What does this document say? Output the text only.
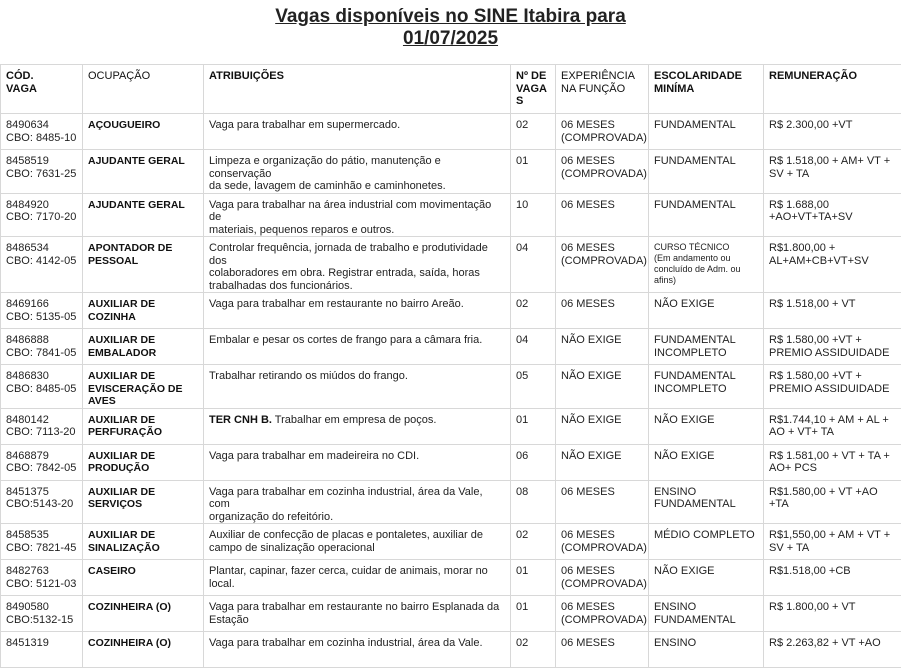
Vagas disponíveis no SINE Itabira para
01/07/2025
CÓD.
VAGA	OCUPAÇÃO	ATRIBUIÇÕES	Nº DE
VAGA
S	EXPERIÊNCIA
NA FUNÇÃO	ESCOLARIDADE
MINÍMA	REMUNERAÇÃO
8490634
CBO: 8485-10	AÇOUGUEIRO	Vaga para trabalhar em supermercado.	02	06 MESES
(COMPROVADA)	FUNDAMENTAL	R$ 2.300,00 +VT
8458519
CBO: 7631-25	AJUDANTE GERAL	Limpeza e organização do pátio, manutenção e conservação
da sede, lavagem de caminhão e caminhonetes.	01	06 MESES
(COMPROVADA)	FUNDAMENTAL	R$ 1.518,00 + AM+ VT +
SV + TA
8484920
CBO: 7170-20	AJUDANTE GERAL	Vaga para trabalhar na área industrial com movimentação de
materiais, pequenos reparos e outros.	10	06 MESES	FUNDAMENTAL	R$ 1.688,00
+AO+VT+TA+SV
8486534
CBO: 4142-05	APONTADOR DE
PESSOAL	Controlar frequência, jornada de trabalho e produtividade dos
colaboradores em obra. Registrar entrada, saída, horas
trabalhadas dos funcionários.	04	06 MESES
(COMPROVADA)	CURSO TÉCNICO
(Em andamento ou
concluído de Adm. ou afins)	R$1.800,00 +
AL+AM+CB+VT+SV
8469166
CBO: 5135-05	AUXILIAR DE COZINHA	Vaga para trabalhar em restaurante no bairro Areão.	02	06 MESES	NÃO EXIGE	R$ 1.518,00 + VT
8486888
CBO: 7841-05	AUXILIAR DE
EMBALADOR	Embalar e pesar os cortes de frango para a câmara fria.	04	NÃO EXIGE	FUNDAMENTAL
INCOMPLETO	R$ 1.580,00 +VT +
PREMIO ASSIDUIDADE
8486830
CBO: 8485-05	AUXILIAR DE
EVISCERAÇÃO DE AVES	Trabalhar retirando os miúdos do frango.	05	NÃO EXIGE	FUNDAMENTAL
INCOMPLETO	R$ 1.580,00 +VT +
PREMIO ASSIDUIDADE
8480142
CBO: 7113-20	AUXILIAR DE
PERFURAÇÃO	TER CNH B. Trabalhar em empresa de poços.	01	NÃO EXIGE	NÃO EXIGE	R$1.744,10 + AM + AL +
AO + VT+ TA
8468879
CBO: 7842-05	AUXILIAR DE
PRODUÇÃO	Vaga para trabalhar em madeireira no CDI.	06	NÃO EXIGE	NÃO EXIGE	R$ 1.581,00 + VT + TA +
AO+ PCS
8451375
CBO:5143-20	AUXILIAR DE SERVIÇOS	Vaga para trabalhar em cozinha industrial, área da Vale, com
organização do refeitório.	08	06 MESES	ENSINO
FUNDAMENTAL	R$1.580,00 + VT +AO
+TA
8458535
CBO: 7821-45	AUXILIAR DE
SINALIZAÇÃO	Auxiliar de confecção de placas e pontaletes, auxiliar de
campo de sinalização operacional	02	06 MESES
(COMPROVADA)	MÉDIO COMPLETO	R$1,550,00 + AM + VT +
SV + TA
8482763
CBO: 5121-03	CASEIRO	Plantar, capinar, fazer cerca, cuidar de animais, morar no
local.	01	06 MESES
(COMPROVADA)	NÃO EXIGE	R$1.518,00 +CB
8490580
CBO:5132-15	COZINHEIRA (O)	Vaga para trabalhar em restaurante no bairro Esplanada da
Estação	01	06 MESES
(COMPROVADA)	ENSINO
FUNDAMENTAL	R$ 1.800,00 + VT
8451319	COZINHEIRA (O)	Vaga para trabalhar em cozinha industrial, área da Vale.	02	06 MESES	ENSINO	R$ 2.263,82 + VT +AO
